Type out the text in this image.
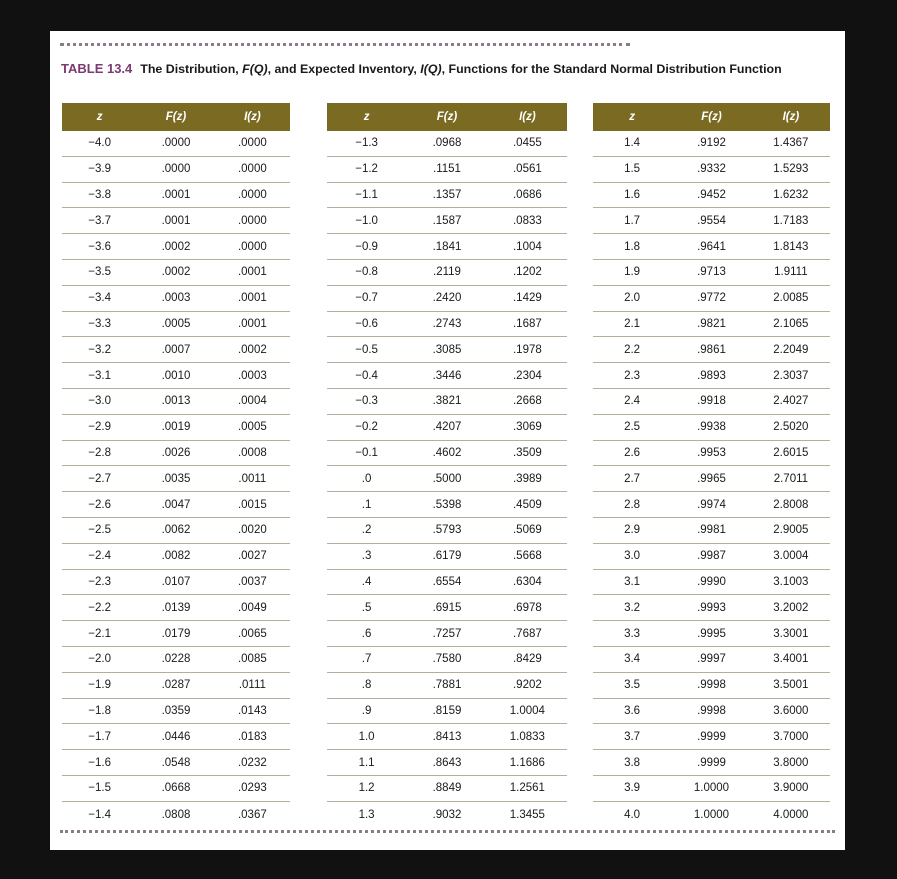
TABLE 13.4 The Distribution, F(Q), and Expected Inventory, I(Q), Functions for the Standard Normal Distribution Function
z	F(z)	I(z)
−4.0	.0000	.0000
−3.9	.0000	.0000
−3.8	.0001	.0000
−3.7	.0001	.0000
−3.6	.0002	.0000
−3.5	.0002	.0001
−3.4	.0003	.0001
−3.3	.0005	.0001
−3.2	.0007	.0002
−3.1	.0010	.0003
−3.0	.0013	.0004
−2.9	.0019	.0005
−2.8	.0026	.0008
−2.7	.0035	.0011
−2.6	.0047	.0015
−2.5	.0062	.0020
−2.4	.0082	.0027
−2.3	.0107	.0037
−2.2	.0139	.0049
−2.1	.0179	.0065
−2.0	.0228	.0085
−1.9	.0287	.0111
−1.8	.0359	.0143
−1.7	.0446	.0183
−1.6	.0548	.0232
−1.5	.0668	.0293
−1.4	.0808	.0367
z	F(z)	I(z)
−1.3	.0968	.0455
−1.2	.1151	.0561
−1.1	.1357	.0686
−1.0	.1587	.0833
−0.9	.1841	.1004
−0.8	.2119	.1202
−0.7	.2420	.1429
−0.6	.2743	.1687
−0.5	.3085	.1978
−0.4	.3446	.2304
−0.3	.3821	.2668
−0.2	.4207	.3069
−0.1	.4602	.3509
.0	.5000	.3989
.1	.5398	.4509
.2	.5793	.5069
.3	.6179	.5668
.4	.6554	.6304
.5	.6915	.6978
.6	.7257	.7687
.7	.7580	.8429
.8	.7881	.9202
.9	.8159	1.0004
1.0	.8413	1.0833
1.1	.8643	1.1686
1.2	.8849	1.2561
1.3	.9032	1.3455
z	F(z)	I(z)
1.4	.9192	1.4367
1.5	.9332	1.5293
1.6	.9452	1.6232
1.7	.9554	1.7183
1.8	.9641	1.8143
1.9	.9713	1.9111
2.0	.9772	2.0085
2.1	.9821	2.1065
2.2	.9861	2.2049
2.3	.9893	2.3037
2.4	.9918	2.4027
2.5	.9938	2.5020
2.6	.9953	2.6015
2.7	.9965	2.7011
2.8	.9974	2.8008
2.9	.9981	2.9005
3.0	.9987	3.0004
3.1	.9990	3.1003
3.2	.9993	3.2002
3.3	.9995	3.3001
3.4	.9997	3.4001
3.5	.9998	3.5001
3.6	.9998	3.6000
3.7	.9999	3.7000
3.8	.9999	3.8000
3.9	1.0000	3.9000
4.0	1.0000	4.0000
